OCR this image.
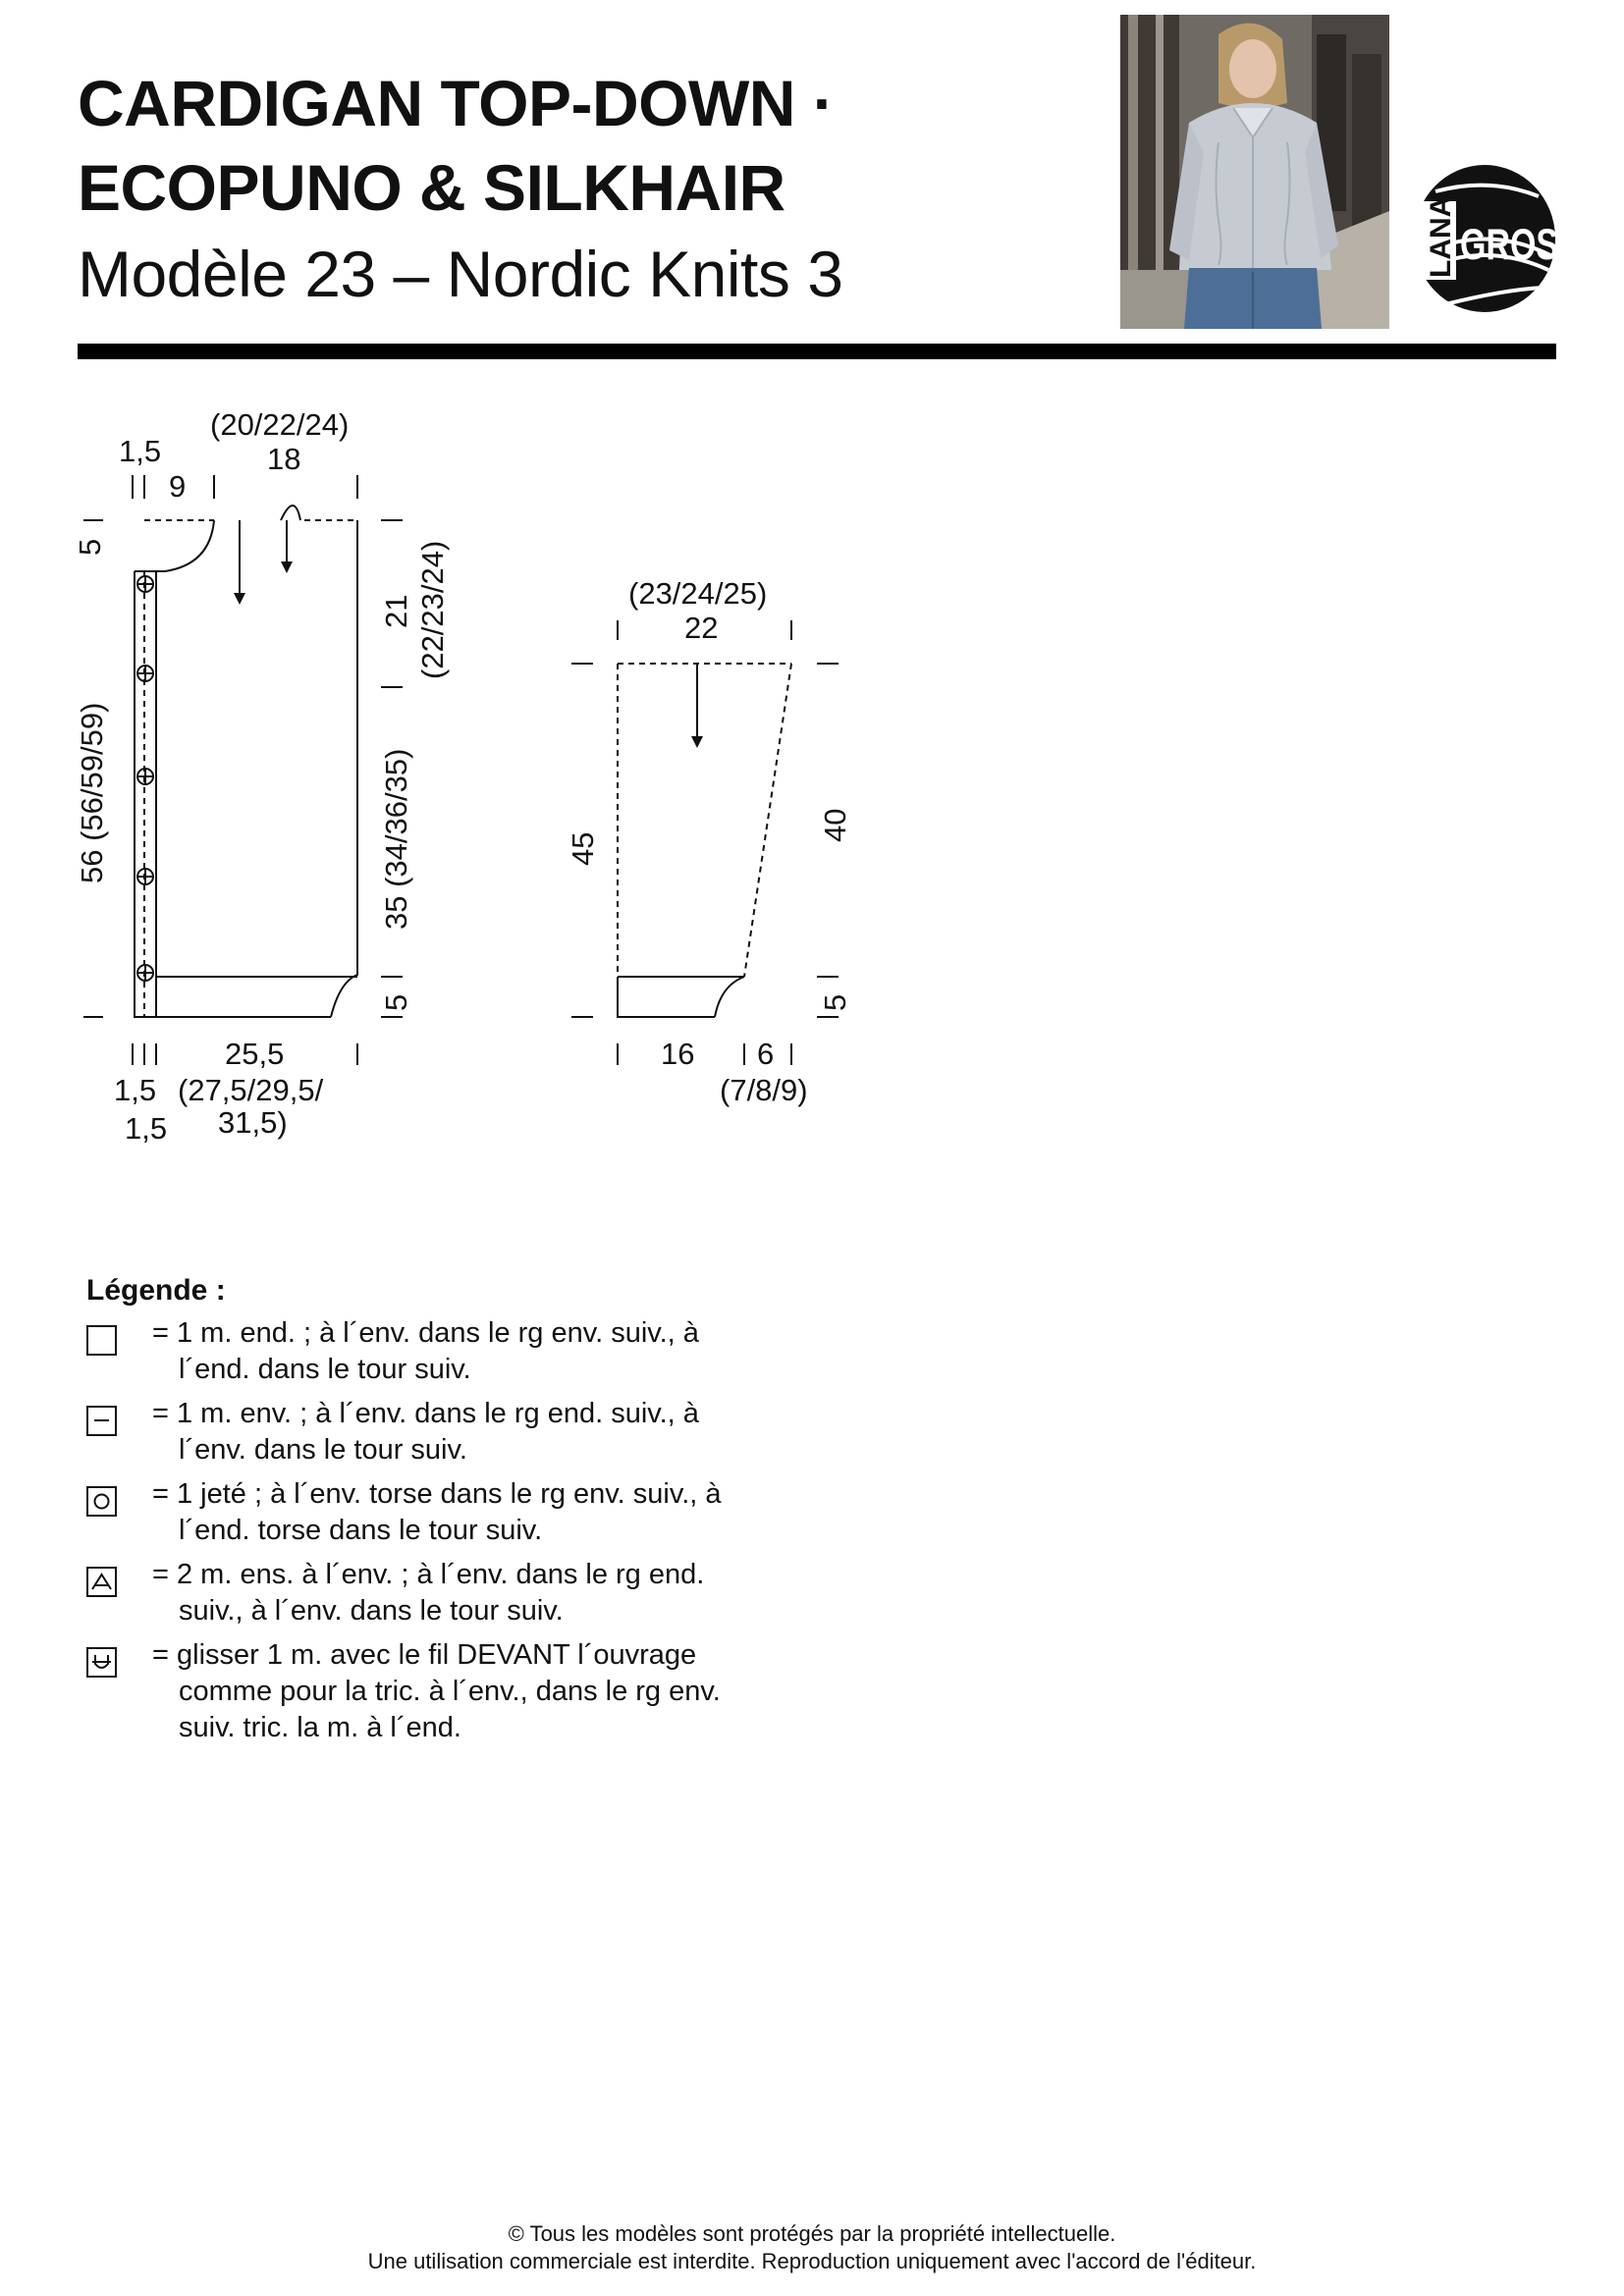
CARDIGAN TOP-DOWN ·
ECOPUNO & SILKHAIR
Modèle 23 – Nordic Knits 3	LANA GROSSA
1,5
9
(20/22/24)
18
5
56 (56/59/59)
21 (22/23/24)
35 (34/36/35)
5
25,5
1,5 (27,5/29,5/
1,5 31,5)
(23/24/25)
22
45
40
5
16 6
(7/8/9)
Légende :
= 1 m. end. ; à l´env. dans le rg env. suiv., à
l´end. dans le tour suiv.
= 1 m. env. ; à l´env. dans le rg end. suiv., à
l´env. dans le tour suiv.
= 1 jeté ; à l´env. torse dans le rg env. suiv., à
l´end. torse dans le tour suiv.
= 2 m. ens. à l´env. ; à l´env. dans le rg end.
suiv., à l´env. dans le tour suiv.
= glisser 1 m. avec le fil DEVANT l´ouvrage
comme pour la tric. à l´env., dans le rg env.
suiv. tric. la m. à l´end.
© Tous les modèles sont protégés par la propriété intellectuelle.
Une utilisation commerciale est interdite. Reproduction uniquement avec l'accord de l'éditeur.
